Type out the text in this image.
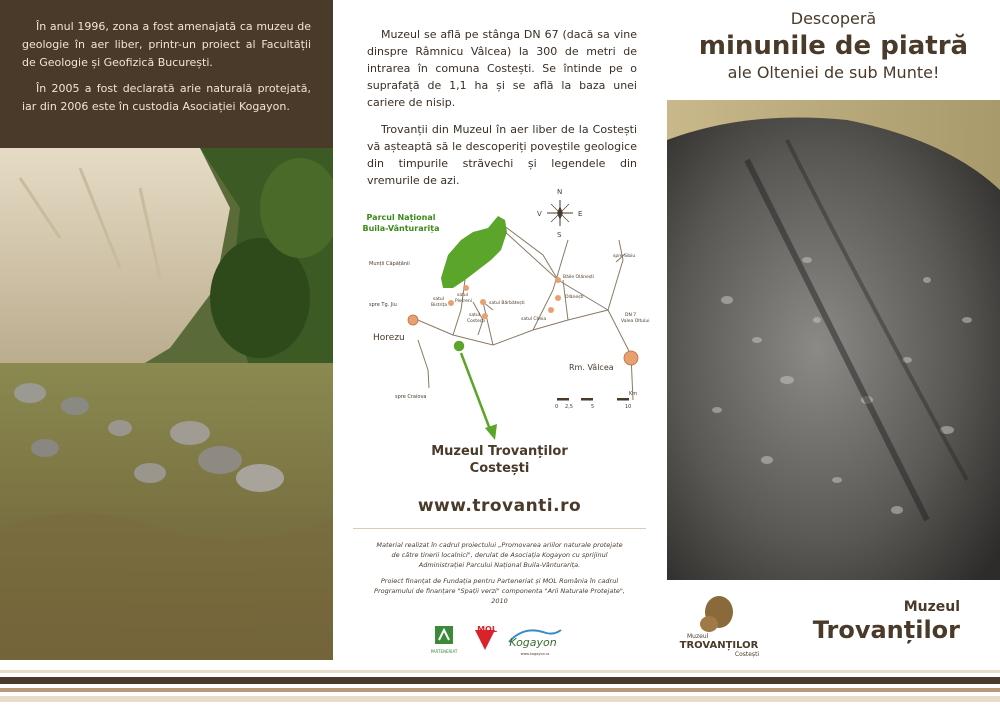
În anul 1996, zona a fost amenajată ca muzeu de geologie în aer liber, printr-un proiect al Facultății de Geologie și Geofizică București.

În 2005 a fost declarată arie naturală protejată, iar din 2006 este în custodia Asociației Kogayon.

Muzeul se află pe stânga DN 67 (dacă sa vine dinspre Râmnicu Vâlcea) la 300 de metri de intrarea în comuna Costești. Se întinde pe o suprafață de 1,1 ha și se află la baza unei cariere de nisip.

Trovanții din Muzeul în aer liber de la Costești vă așteaptă să le descoperiți poveștile geologice din timpurile străvechi și legendele din vremurile de azi.

N
S
E
V
Parcul Național
Buila-Vânturarița
Munții Căpățânii
spre Tg. Jiu
Horezu
spre Craiova
satul
Bistrița
satul
Pietreni
satul
Costești
satul Bărbătești
satul Cheia
Băile Olănești
Olănești
spre Sibiu
DN 7
Valea Oltului
Rm. Vâlcea
0 2,5	5	10
Km
Muzeul Trovanților
Costești
www.trovanti.ro

Material realizat în cadrul proiectului „Promovarea ariilor naturale protejate de către tinerii localnici", derulat de Asociația Kogayon cu sprijinul Administrației Parcului Național Buila-Vânturarița.

Proiect finanțat de Fundația pentru Parteneriat și MOL România în cadrul Programului de finanțare "Spații verzi" componenta "Arii Naturale Protejate", 2010

PARTENERIAT
MOL
Kogayon
www.kogayon.ro
Descoperă
minunile de piatră
ale Olteniei de sub Munte!
Muzeul
TROVANȚILOR
Costești
Muzeul
Trovanților
